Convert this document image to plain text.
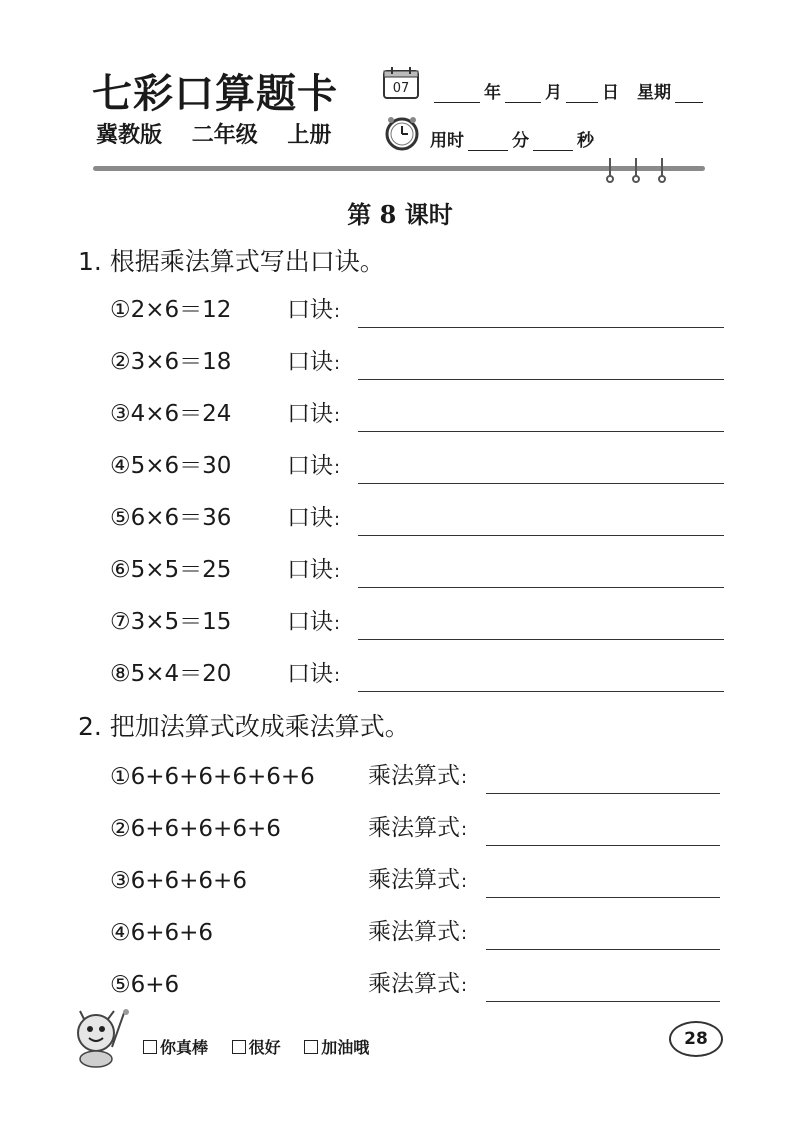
七彩口算题卡
冀教版 二年级 上册
07	年	月 日 星期
用时	分	秒
第 8 课时
1. 根据乘法算式写出口诀。
①2×6＝12 口诀:
②3×6＝18 口诀:
③4×6＝24 口诀:
④5×6＝30 口诀:
⑤6×6＝36 口诀:
⑥5×5＝25 口诀:
⑦3×5＝15 口诀:
⑧5×4＝20 口诀:
2. 把加法算式改成乘法算式。
①6+6+6+6+6+6 乘法算式:
②6+6+6+6+6	乘法算式:
③6+6+6+6	乘法算式:
④6+6+6	乘法算式:
⑤6+6	乘法算式:
你真棒
	很好
	加油哦	28
